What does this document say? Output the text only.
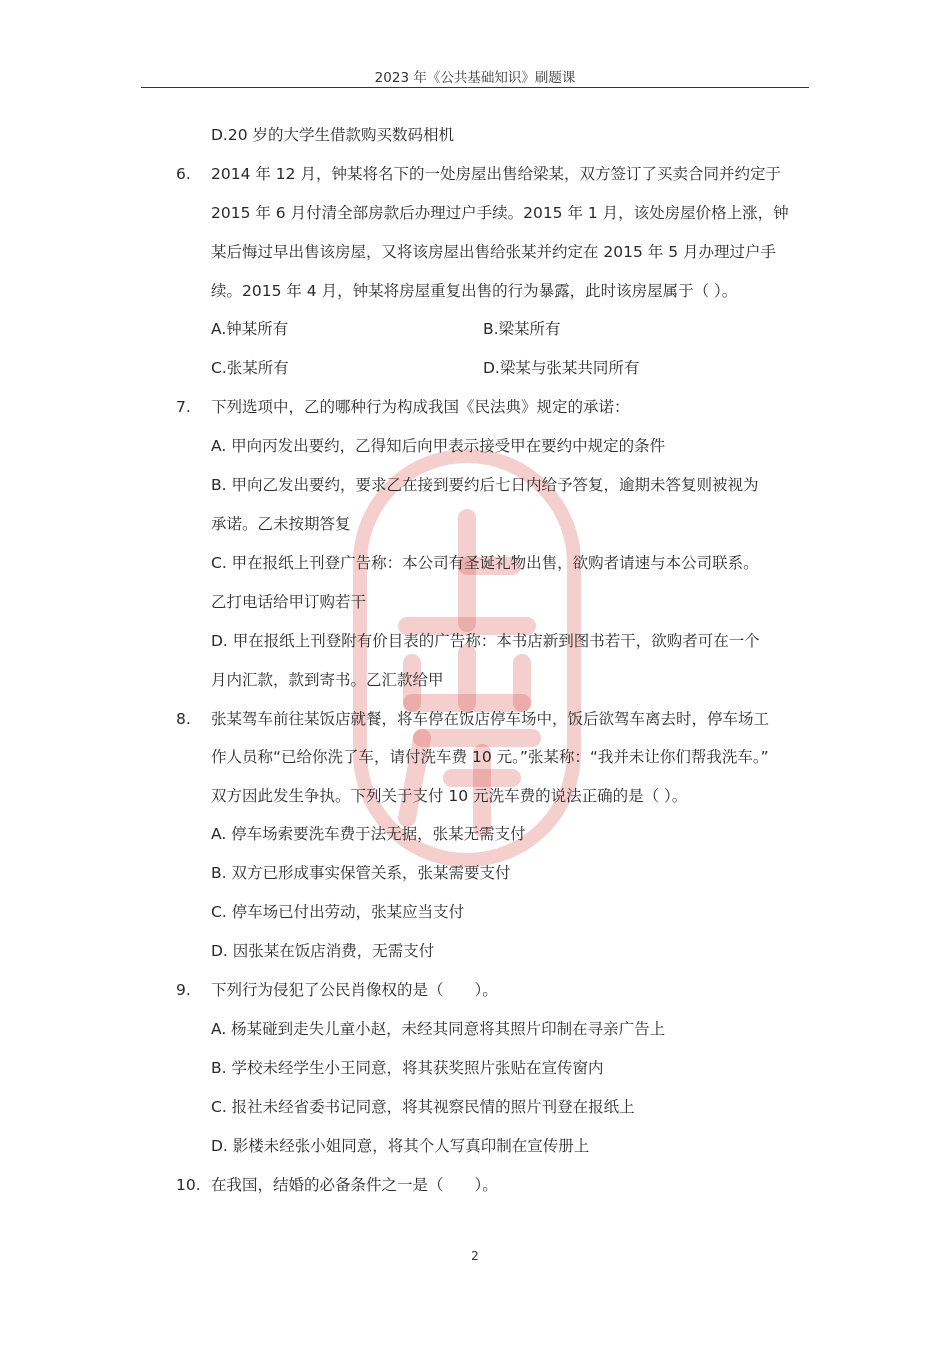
2023 年《公共基础知识》刷题课
D.20 岁的大学生借款购买数码相机
6. 2014 年 12 月，钟某将名下的一处房屋出售给梁某，双方签订了买卖合同并约定于
2015 年 6 月付清全部房款后办理过户手续。2015 年 1 月，该处房屋价格上涨，钟
某后悔过早出售该房屋，又将该房屋出售给张某并约定在 2015 年 5 月办理过户手
续。2015 年 4 月，钟某将房屋重复出售的行为暴露，此时该房屋属于（ ）。
A.钟某所有	B.梁某所有
C.张某所有	D.梁某与张某共同所有
7. 下列选项中，乙的哪种行为构成我国《民法典》规定的承诺：
A. 甲向丙发出要约，乙得知后向甲表示接受甲在要约中规定的条件
B. 甲向乙发出要约，要求乙在接到要约后七日内给予答复，逾期未答复则被视为
承诺。乙未按期答复
C. 甲在报纸上刊登广告称：本公司有圣诞礼物出售，欲购者请速与本公司联系。
乙打电话给甲订购若干
D. 甲在报纸上刊登附有价目表的广告称：本书店新到图书若干，欲购者可在一个
月内汇款，款到寄书。乙汇款给甲
8. 张某驾车前往某饭店就餐，将车停在饭店停车场中，饭后欲驾车离去时，停车场工
作人员称“已给你洗了车，请付洗车费 10 元。”张某称：“我并未让你们帮我洗车。”
双方因此发生争执。下列关于支付 10 元洗车费的说法正确的是（ ）。
A. 停车场索要洗车费于法无据，张某无需支付
B. 双方已形成事实保管关系，张某需要支付
C. 停车场已付出劳动，张某应当支付
D. 因张某在饭店消费，无需支付
9. 下列行为侵犯了公民肖像权的是（　　）。
A. 杨某碰到走失儿童小赵，未经其同意将其照片印制在寻亲广告上
B. 学校未经学生小王同意，将其获奖照片张贴在宣传窗内
C. 报社未经省委书记同意，将其视察民情的照片刊登在报纸上
D. 影楼未经张小姐同意，将其个人写真印制在宣传册上
10. 在我国，结婚的必备条件之一是（　　）。
2
